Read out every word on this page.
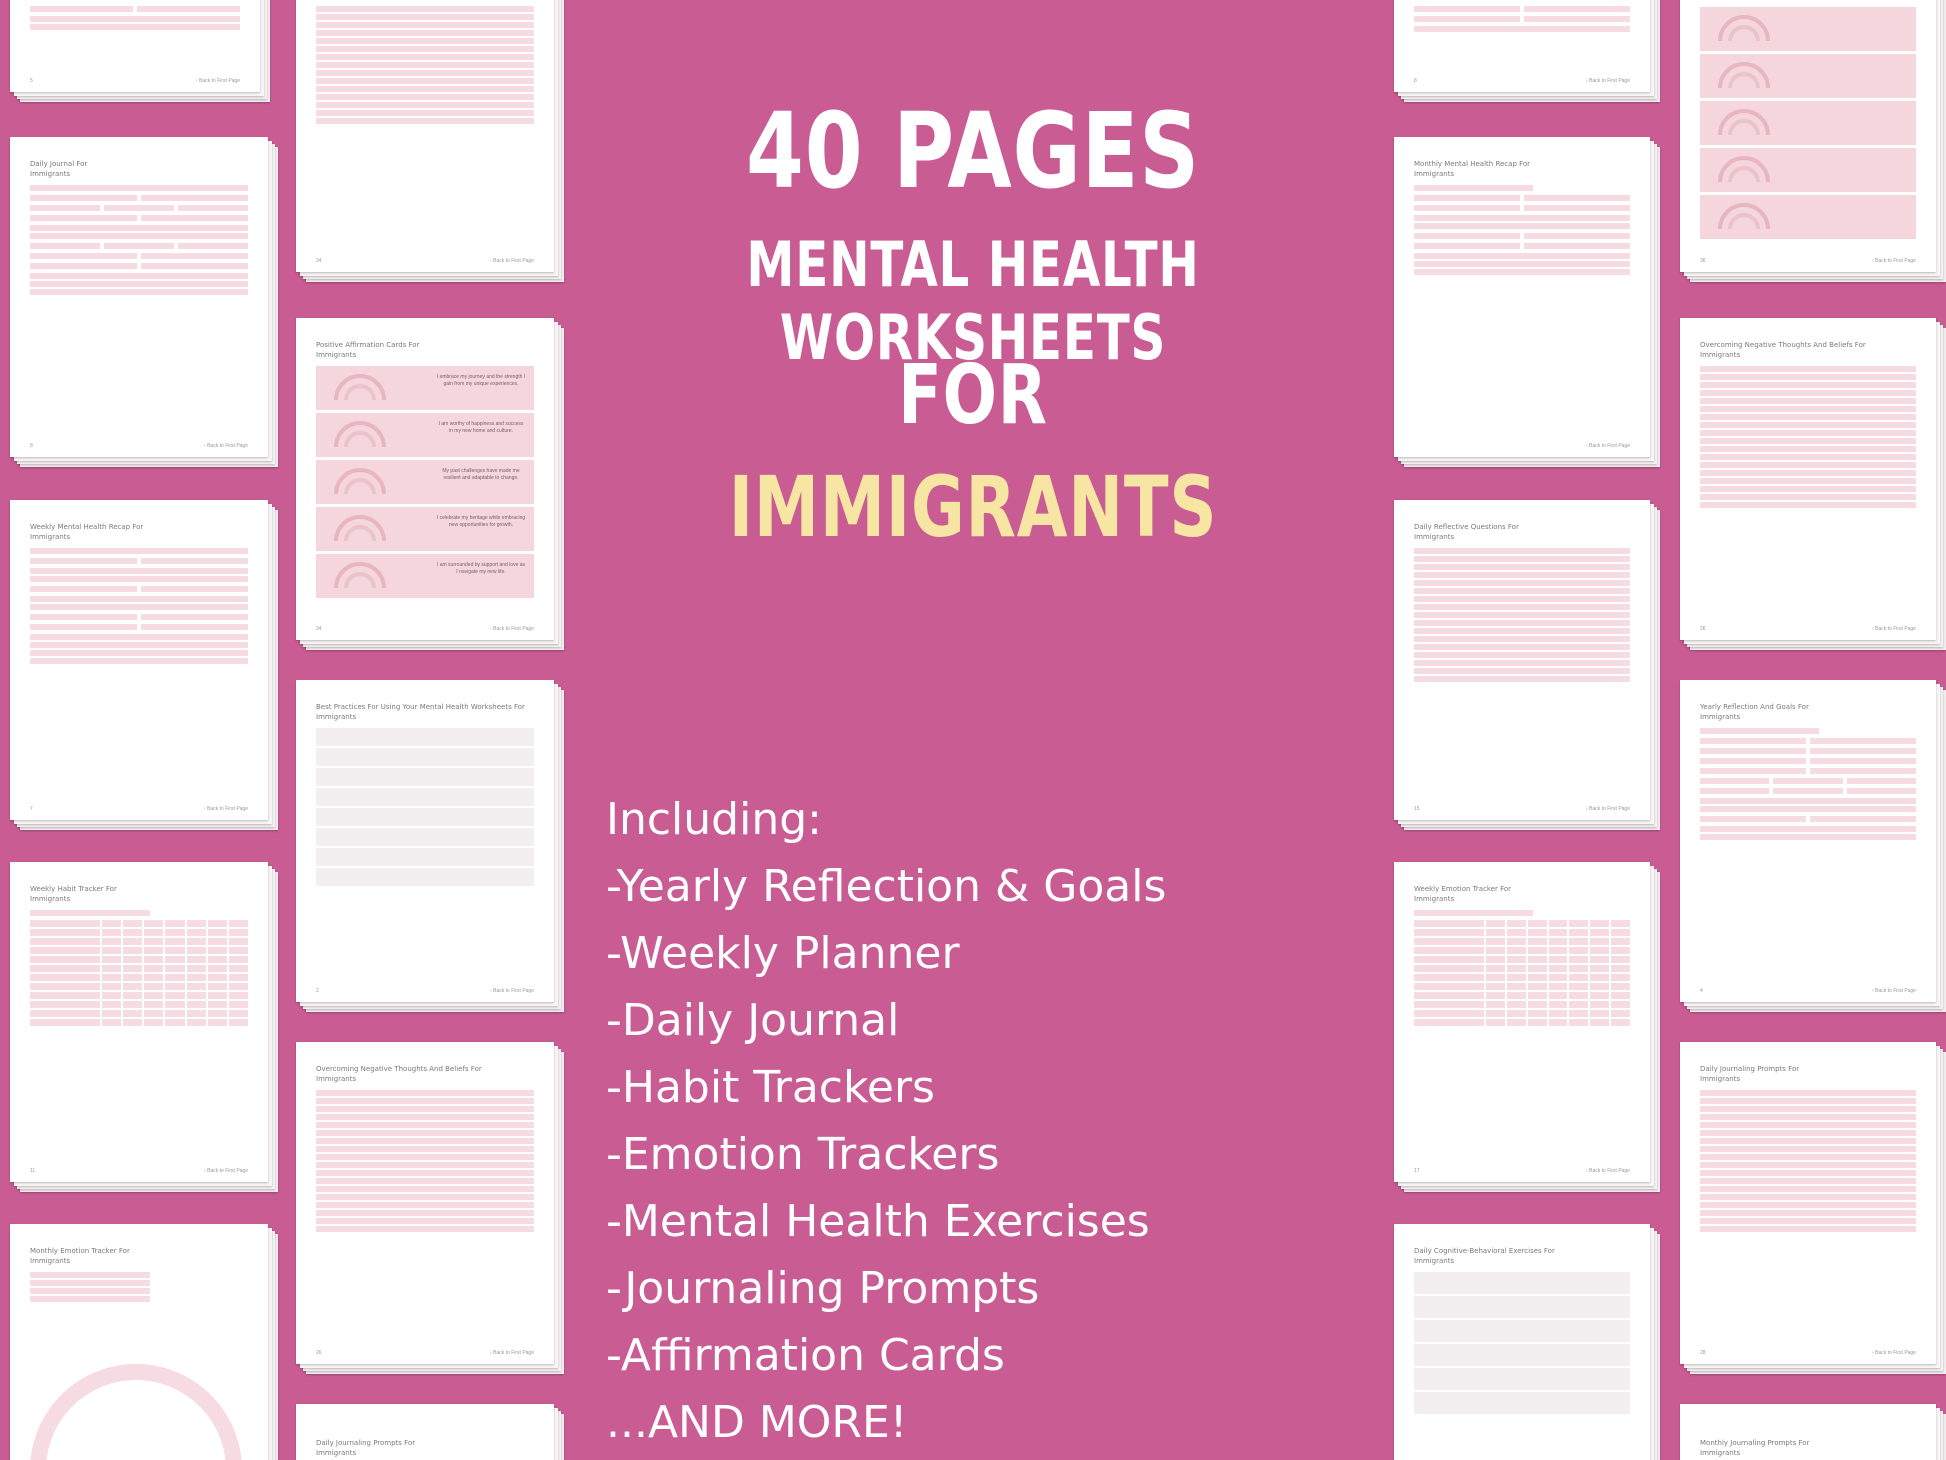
5	‹ Back to First Page
Daily Journal For
Immigrants
8	‹ Back to First Page
Weekly Mental Health Recap For
Immigrants
7	‹ Back to First Page
Weekly Habit Tracker For
Immigrants
11	‹ Back to First Page
Monthly Emotion Tracker For
Immigrants
34	‹ Back to First Page
Positive Affirmation Cards For
Immigrants
I embrace my journey and the strength I gain from my unique experiences.
I am worthy of happiness and success in my new home and culture.
My past challenges have made me resilient and adaptable to change.
I celebrate my heritage while embracing new opportunities for growth.
I am surrounded by support and love as I navigate my new life.
34	‹ Back to First Page
Best Practices For Using Your Mental Health Worksheets For
Immigrants
2	‹ Back to First Page
Overcoming Negative Thoughts And Beliefs For
Immigrants
26	‹ Back to First Page
Daily Journaling Prompts For
Immigrants
40 PAGES
MENTAL HEALTH WORKSHEETS
FOR
IMMIGRANTS
Including:
-Yearly Reflection & Goals
-Weekly Planner
-Daily Journal
-Habit Trackers
-Emotion Trackers
-Mental Health Exercises
-Journaling Prompts
-Affirmation Cards
...AND MORE!
8	‹ Back to First Page
Monthly Mental Health Recap For
Immigrants
‹ Back to First Page
Daily Reflective Questions For
Immigrants
15	‹ Back to First Page
Weekly Emotion Tracker For
Immigrants
17	‹ Back to First Page
Daily Cognitive-Behavioral Exercises For
Immigrants
36	‹ Back to First Page
Overcoming Negative Thoughts And Beliefs For
Immigrants
26	‹ Back to First Page
Yearly Reflection And Goals For
Immigrants
4	‹ Back to First Page
Daily Journaling Prompts For
Immigrants
28	‹ Back to First Page
Monthly Journaling Prompts For
Immigrants
